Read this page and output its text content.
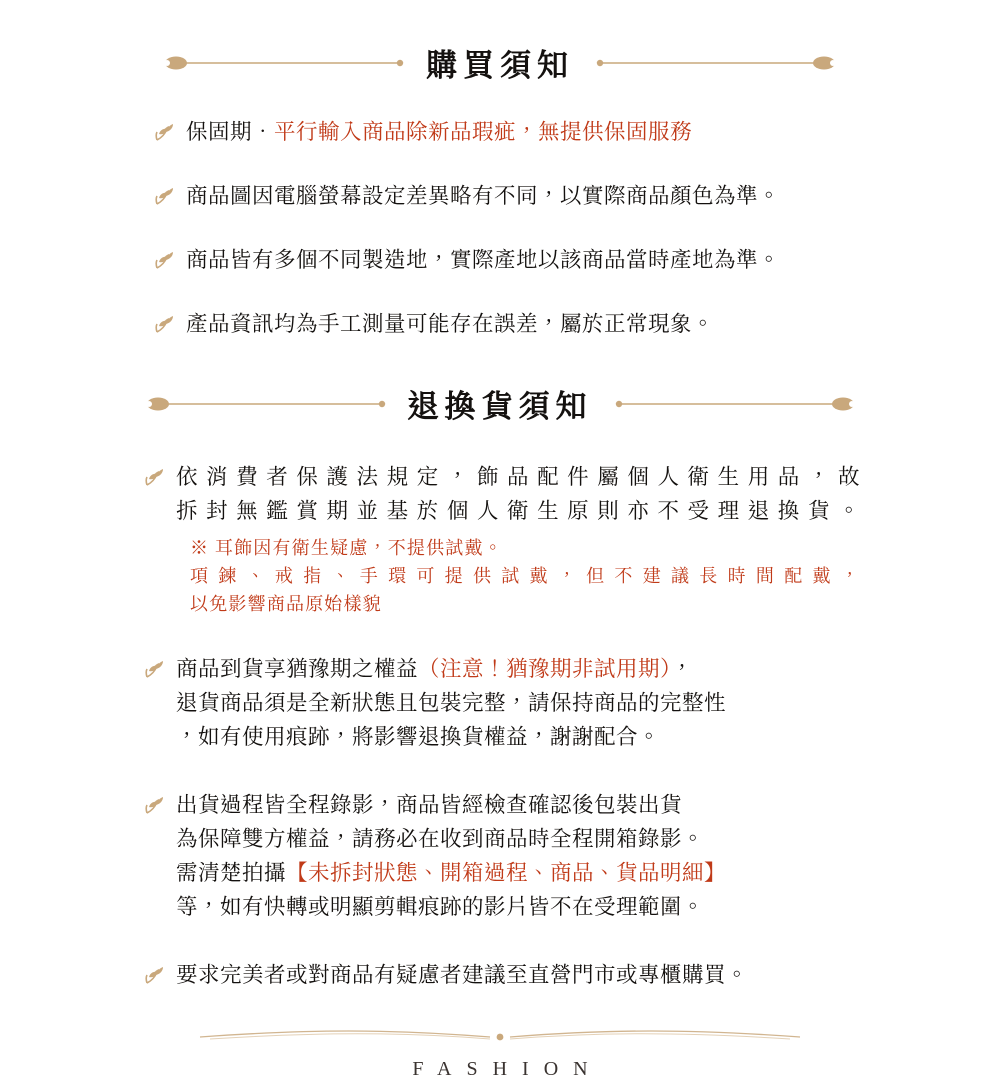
購買須知
保固期‧平行輸入商品除新品瑕疵，無提供保固服務
商品圖因電腦螢幕設定差異略有不同，以實際商品顏色為準。
商品皆有多個不同製造地，實際產地以該商品當時產地為準。
產品資訊均為手工測量可能存在誤差，屬於正常現象。
退換貨須知
依消費者保護法規定，飾品配件屬個人衛生用品，故
拆封無鑑賞期並基於個人衛生原則亦不受理退換貨。
※ 耳飾因有衛生疑慮，不提供試戴。
項鍊、戒指、手環可提供試戴，但不建議長時間配戴，
以免影響商品原始樣貌
商品到貨享猶豫期之權益（注意！猶豫期非試用期），
退貨商品須是全新狀態且包裝完整，請保持商品的完整性
，如有使用痕跡，將影響退換貨權益，謝謝配合。
出貨過程皆全程錄影，商品皆經檢查確認後包裝出貨
為保障雙方權益，請務必在收到商品時全程開箱錄影。
需清楚拍攝【未拆封狀態、開箱過程、商品、貨品明細】
等，如有快轉或明顯剪輯痕跡的影片皆不在受理範圍。
要求完美者或對商品有疑慮者建議至直營門市或專櫃購買。
FASHION
